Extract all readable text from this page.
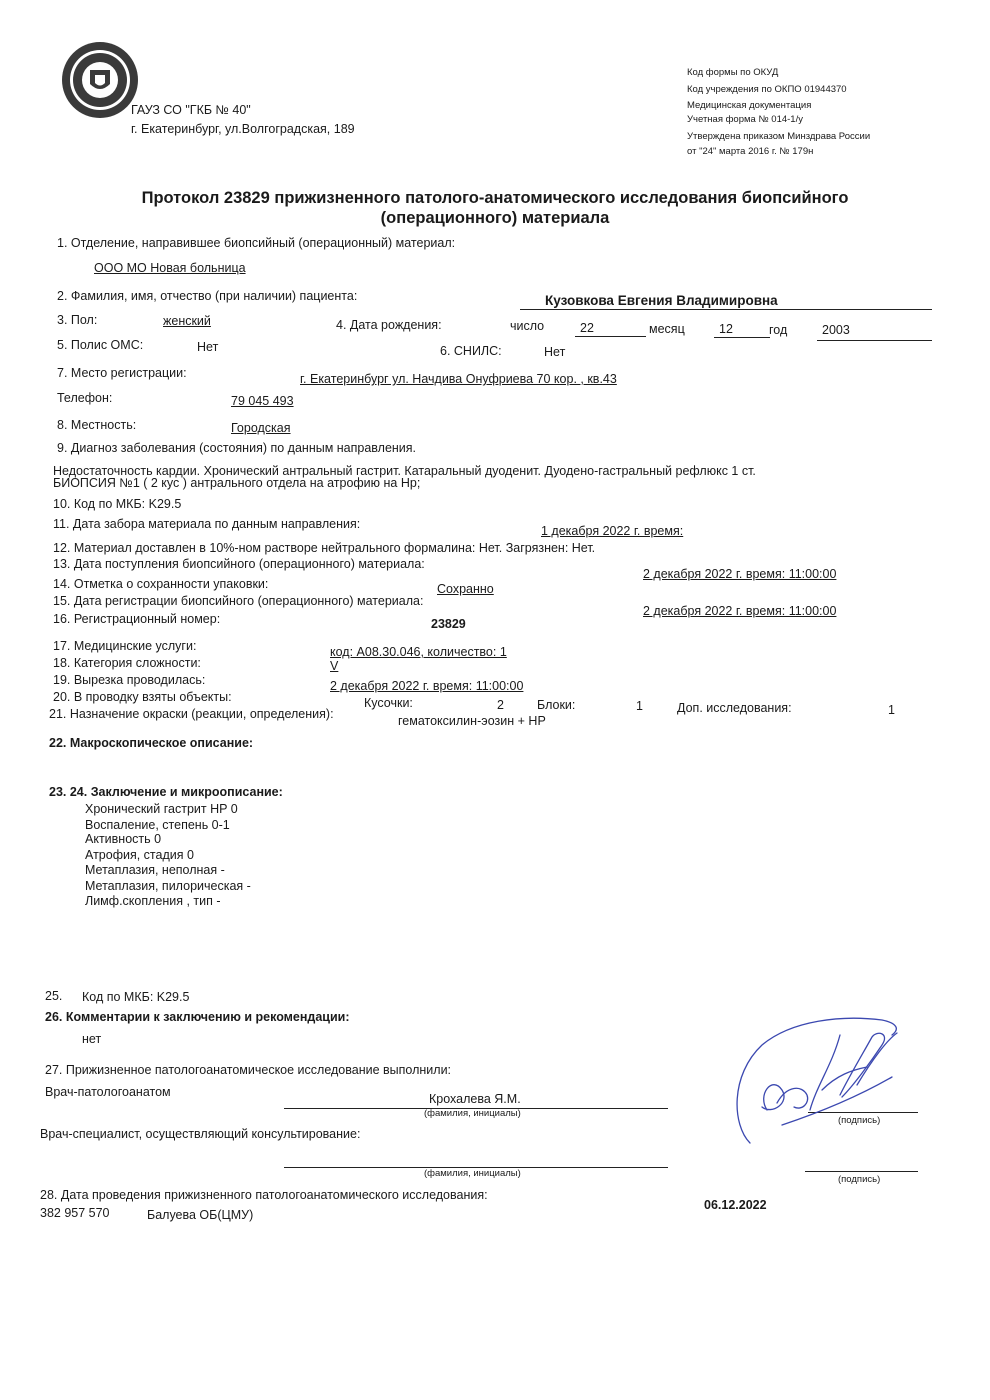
ГАУЗ СО "ГКБ № 40"
г. Екатеринбург, ул.Волгоградская, 189
Код формы по ОКУД
Код учреждения по ОКПО 01944370
Медицинская документация
Учетная форма № 014-1/у
Утверждена приказом Минздрава России
от "24" марта 2016 г. № 179н
Протокол 23829 прижизненного патолого-анатомического исследования биопсийного
(операционного) материала
1. Отделение, направившее биопсийный (операционный) материал:
ООО МО Новая больница
2. Фамилия, имя, отчество (при наличии) пациента:	Кузовкова Евгения Владимировна
3. Пол:	женский	4. Дата рождения:	число	22	месяц	12	год	2003
5. Полис ОМС:	Нет	6. СНИЛС:	Нет
7. Место регистрации:	г. Екатеринбург ул. Начдива Онуфриева 70 кор. , кв.43
Телефон:	79 045 493
8. Местность:	Городская
9. Диагноз заболевания (состояния) по данным направления.
Недостаточность кардии. Хронический антральный гастрит. Катаральный дуоденит. Дуодено-гастральный рефлюкс 1 ст.
БИОПСИЯ №1 ( 2 кус ) антрального отдела на атрофию на Hp;
10. Код по МКБ: K29.5
11. Дата забора материала по данным направления:	1 декабря 2022 г. время:
12. Материал доставлен в 10%-ном растворе нейтрального формалина: Нет. Загрязнен: Нет.
13. Дата поступления биопсийного (операционного) материала:
2 декабря 2022 г. время: 11:00:00
14. Отметка о сохранности упаковки:	Сохранно
15. Дата регистрации биопсийного (операционного) материала:
2 декабря 2022 г. время: 11:00:00
16. Регистрационный номер:	23829
17. Медицинские услуги:	код: А08.30.046, количество: 1
18. Категория сложности:	V
19. Вырезка проводилась:	2 декабря 2022 г. время: 11:00:00
20. В проводку взяты объекты:	Кусочки:	2	Блоки:	1	Доп. исследования:	1
21. Назначение окраски (реакции, определения):	гематоксилин-эозин + HP
22. Макроскопическое описание:
23. 24. Заключение и микроописание:
Хронический гастрит HP 0
Воспаление, степень 0-1
Активность 0
Атрофия, стадия 0
Метаплазия, неполная -
Метаплазия, пилорическая -
Лимф.скопления , тип -
25. Код по МКБ: K29.5
26. Комментарии к заключению и рекомендации:
нет
27. Прижизненное патологоанатомическое исследование выполнили:
Врач-патологоанатом	Крохалева Я.М.
(фамилия, инициалы)
(подпись)
Врач-специалист, осуществляющий консультирование:
(фамилия, инициалы)
(подпись)
28. Дата проведения прижизненного патологоанатомического исследования:
06.12.2022
382 957 570	Балуева ОБ(ЦМУ)
